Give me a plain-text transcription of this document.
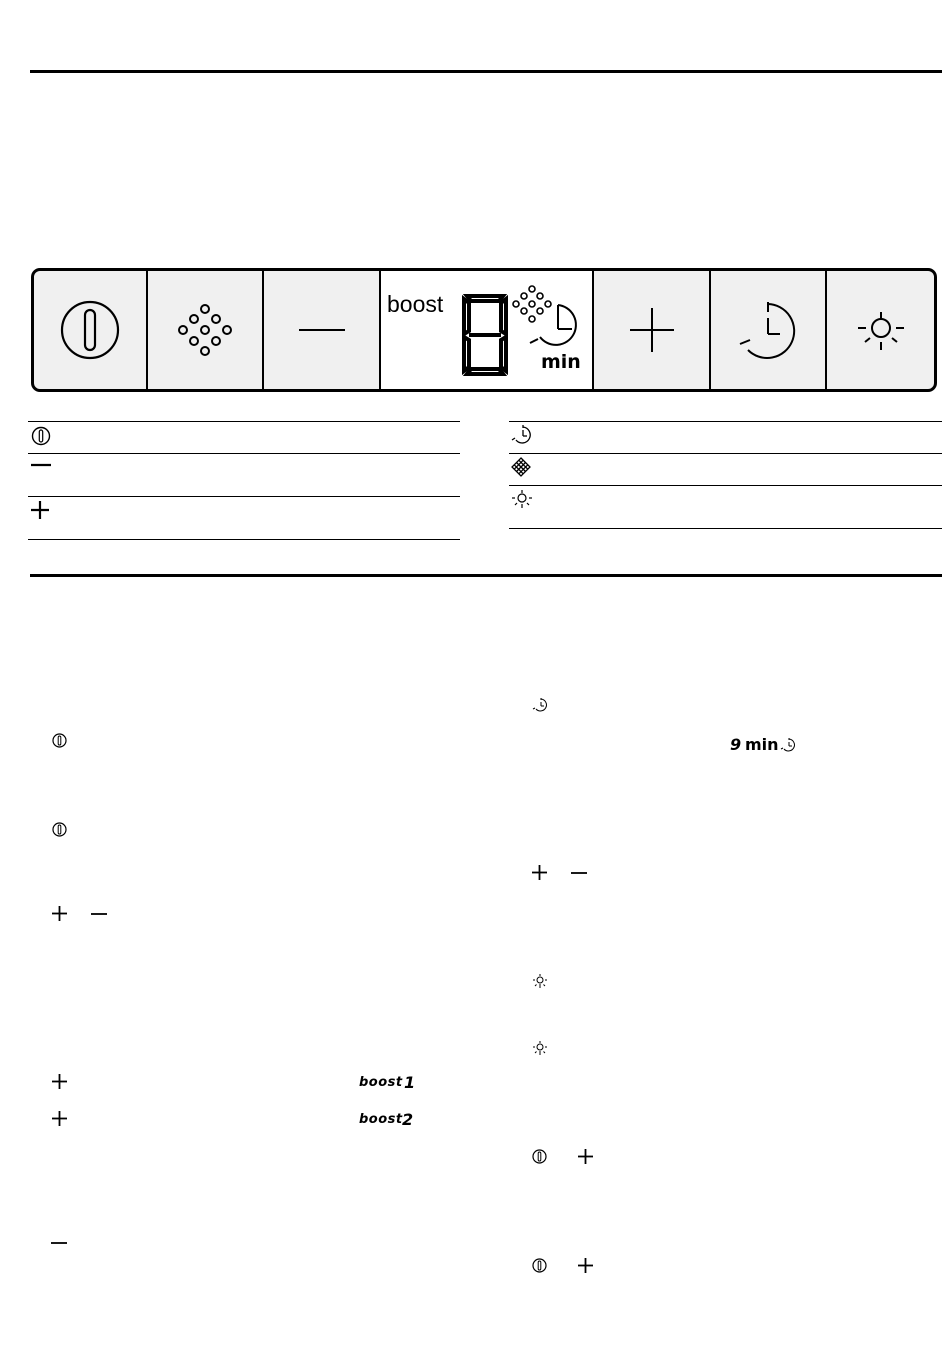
boost
min
boost 1
boost 2
9 min
